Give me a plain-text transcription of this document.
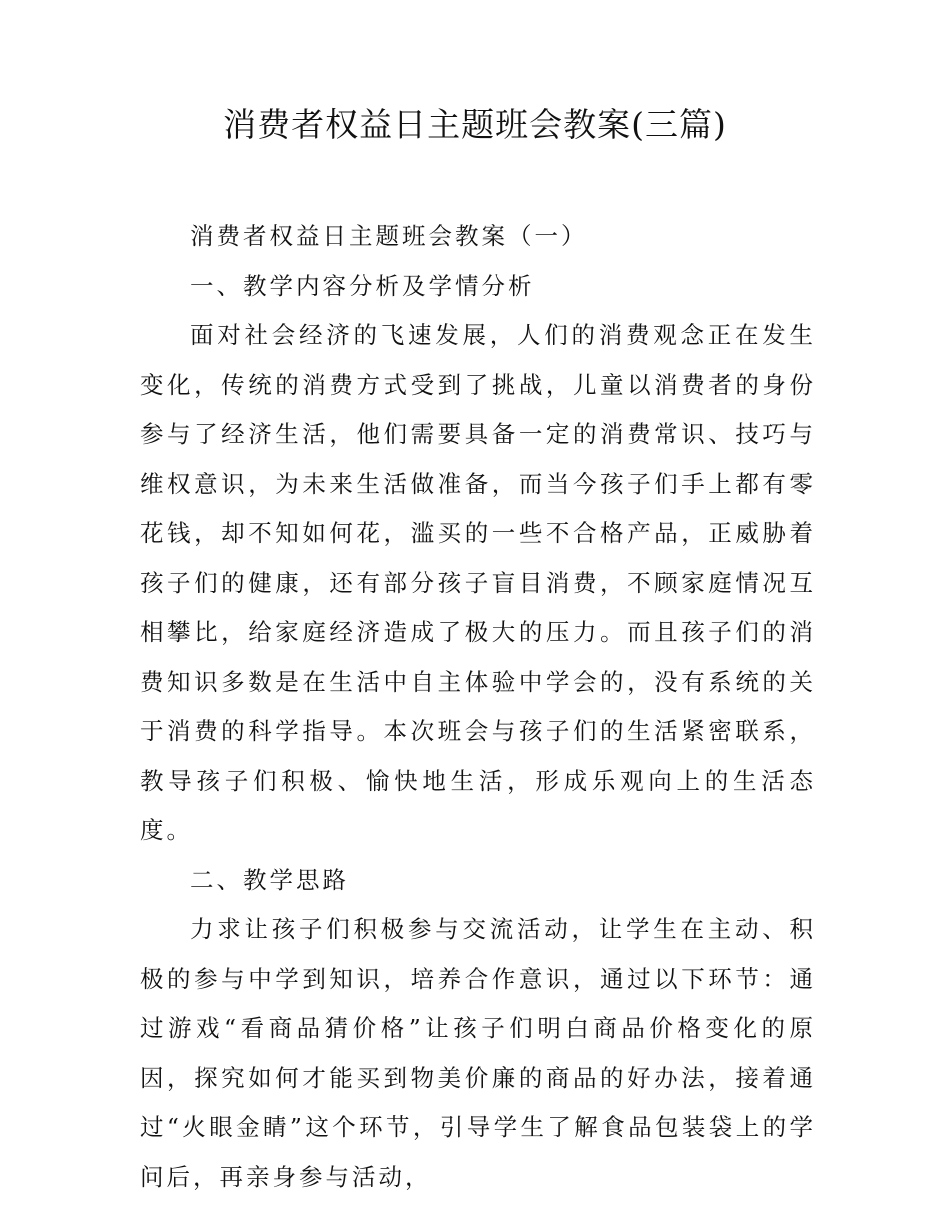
消费者权益日主题班会教案(三篇)

消费者权益日主题班会教案（一）

一、教学内容分析及学情分析

面对社会经济的飞速发展，人们的消费观念正在发生变化，传统的消费方式受到了挑战，儿童以消费者的身份参与了经济生活，他们需要具备一定的消费常识、技巧与维权意识，为未来生活做准备，而当今孩子们手上都有零花钱，却不知如何花，滥买的一些不合格产品，正威胁着孩子们的健康，还有部分孩子盲目消费，不顾家庭情况互相攀比，给家庭经济造成了极大的压力。而且孩子们的消费知识多数是在生活中自主体验中学会的，没有系统的关于消费的科学指导。本次班会与孩子们的生活紧密联系，教导孩子们积极、愉快地生活，形成乐观向上的生活态度。

二、教学思路

力求让孩子们积极参与交流活动，让学生在主动、积极的参与中学到知识，培养合作意识，通过以下环节：通过游戏“看商品猜价格”让孩子们明白商品价格变化的原因，探究如何才能买到物美价廉的商品的好办法，接着通过“火眼金睛”这个环节，引导学生了解食品包装袋上的学问后，再亲身参与活动，
